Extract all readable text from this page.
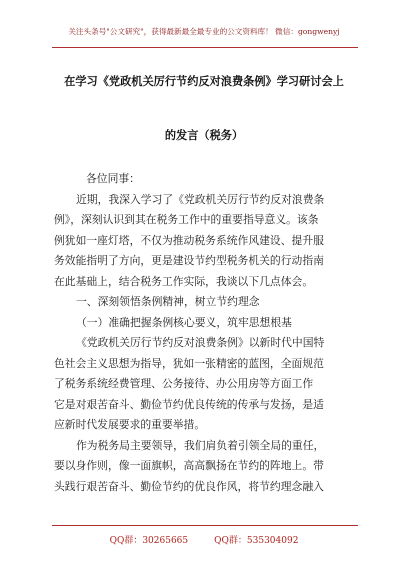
关注头条号"公文研究"，获得最新最全最专业的公文资料库！ 微信：gongwenyj
在学习《党政机关厉行节约反对浪费条例》学习研讨会上
的发言（税务）
各位同事：
近期，我深入学习了《党政机关厉行节约反对浪费条
例》，深刻认识到其在税务工作中的重要指导意义。该条
例犹如一座灯塔，不仅为推动税务系统作风建设、提升服
务效能指明了方向，更是建设节约型税务机关的行动指南
在此基础上，结合税务工作实际，我谈以下几点体会。
一、深刻领悟条例精神，树立节约理念
（一）准确把握条例核心要义，筑牢思想根基
《党政机关厉行节约反对浪费条例》以新时代中国特
色社会主义思想为指导，犹如一张精密的蓝图，全面规范
了税务系统经费管理、公务接待、办公用房等方面工作
它是对艰苦奋斗、勤俭节约优良传统的传承与发扬，是适
应新时代发展要求的重要举措。
作为税务局主要领导，我们肩负着引领全局的重任，
要以身作则，像一面旗帜，高高飘扬在节约的阵地上。带
头践行艰苦奋斗、勤俭节约的优良作风，将节约理念融入
QQ群：30265665	QQ群：535304092
